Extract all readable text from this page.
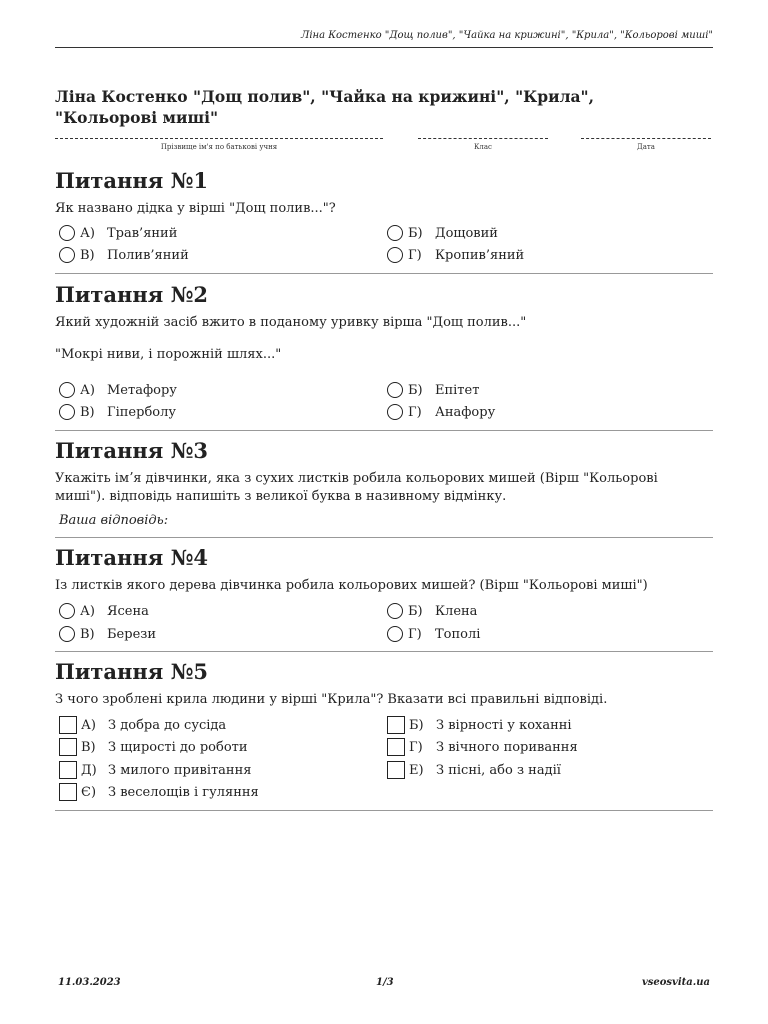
Ліна Костенко "Дощ полив", "Чайка на крижині", "Крила", "Кольорові миші"
Ліна Костенко "Дощ полив", "Чайка на крижині", "Крила", "Кольорові миші"
Прізвище ім'я по батькові учня	Клас	Дата
Питання №1

Як названо дідка у вірші "Дощ полив..."?

А) Трав’яний	Б) Дощовий
В) Полив’яний	Г)	Кропив’яний
Питання №2

Який художній засіб вжито в поданому уривку вірша "Дощ полив..."

"Мокрі ниви, і порожній шлях..."
А) Метафору	Б) Епітет
В) Гіперболу	Г)	Анафору
Питання №3

Укажіть імʼя дівчинки, яка з сухих листків робила кольорових мишей (Вірш "Кольорові миші"). відповідь напишіть з великої буква в називному відмінку.

Ваша відповідь:
Питання №4

Із листків якого дерева дівчинка робила кольорових мишей? (Вірш "Кольорові миші")

А) Ясена	Б) Клена
В) Берези	Г)	Тополі
Питання №5

З чого зроблені крила людини у вірші "Крила"? Вказати всі правильні відповіді.

А) З добра до сусіда	Б) З вірності у коханні
В) З щирості до роботи	Г)	З вічного поривання
Д) З милого привітання	Е) З пісні, або з надії
Є) З веселощів і гуляння
11.03.2023	1/3	vseosvita.ua
